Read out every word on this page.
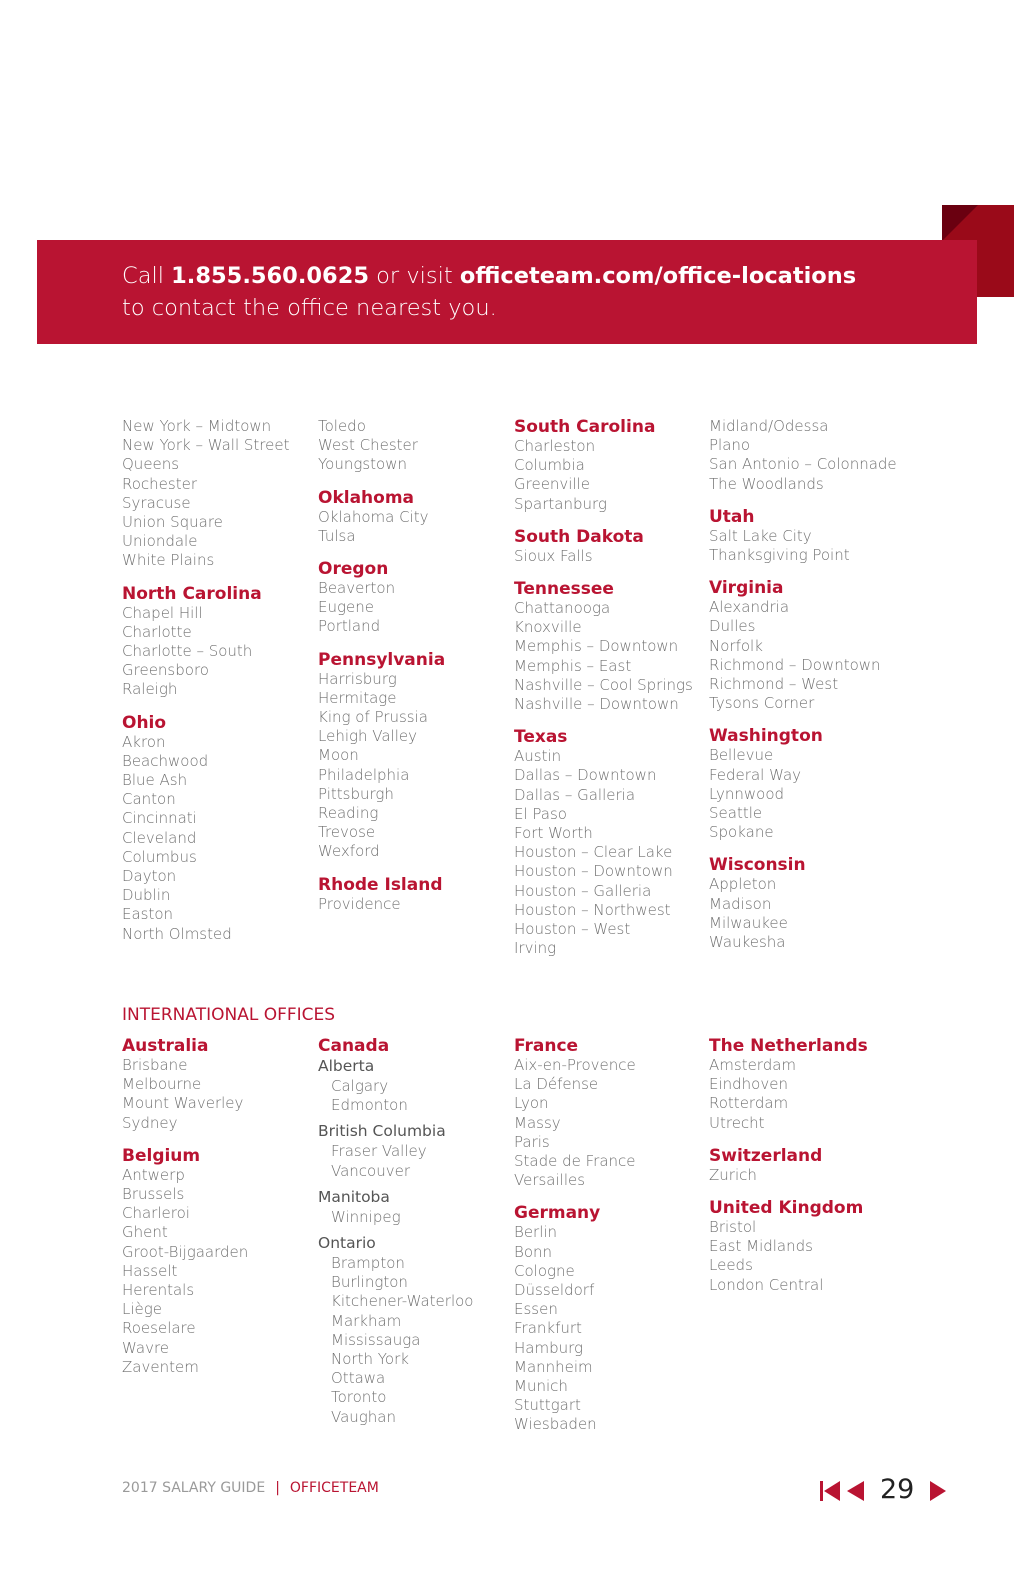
Call 1.855.560.0625 or visit officeteam.com/office-locations
to contact the office nearest you.
New York – Midtown
New York – Wall Street
Queens
Rochester
Syracuse
Union Square
Uniondale
White Plains
North Carolina
Chapel Hill
Charlotte
Charlotte – South
Greensboro
Raleigh
Ohio
Akron
Beachwood
Blue Ash
Canton
Cincinnati
Cleveland
Columbus
Dayton
Dublin
Easton
North Olmsted
Toledo
West Chester
Youngstown
Oklahoma
Oklahoma City
Tulsa
Oregon
Beaverton
Eugene
Portland
Pennsylvania
Harrisburg
Hermitage
King of Prussia
Lehigh Valley
Moon
Philadelphia
Pittsburgh
Reading
Trevose
Wexford
Rhode Island
Providence
South Carolina
Charleston
Columbia
Greenville
Spartanburg
South Dakota
Sioux Falls
Tennessee
Chattanooga
Knoxville
Memphis – Downtown
Memphis – East
Nashville – Cool Springs
Nashville – Downtown
Texas
Austin
Dallas – Downtown
Dallas – Galleria
El Paso
Fort Worth
Houston – Clear Lake
Houston – Downtown
Houston – Galleria
Houston – Northwest
Houston – West
Irving
Midland/Odessa
Plano
San Antonio – Colonnade
The Woodlands
Utah
Salt Lake City
Thanksgiving Point
Virginia
Alexandria
Dulles
Norfolk
Richmond – Downtown
Richmond – West
Tysons Corner
Washington
Bellevue
Federal Way
Lynnwood
Seattle
Spokane
Wisconsin
Appleton
Madison
Milwaukee
Waukesha
INTERNATIONAL OFFICES
Australia
Brisbane
Melbourne
Mount Waverley
Sydney
Belgium
Antwerp
Brussels
Charleroi
Ghent
Groot-Bijgaarden
Hasselt
Herentals
Liège
Roeselare
Wavre
Zaventem
Canada
Alberta
Calgary
Edmonton
British Columbia
Fraser Valley
Vancouver
Manitoba
Winnipeg
Ontario
Brampton
Burlington
Kitchener-Waterloo
Markham
Mississauga
North York
Ottawa
Toronto
Vaughan
France
Aix-en-Provence
La Défense
Lyon
Massy
Paris
Stade de France
Versailles
Germany
Berlin
Bonn
Cologne
Düsseldorf
Essen
Frankfurt
Hamburg
Mannheim
Munich
Stuttgart
Wiesbaden
The Netherlands
Amsterdam
Eindhoven
Rotterdam
Utrecht
Switzerland
Zurich
United Kingdom
Bristol
East Midlands
Leeds
London Central
2017 SALARY GUIDE | OFFICETEAM	29
